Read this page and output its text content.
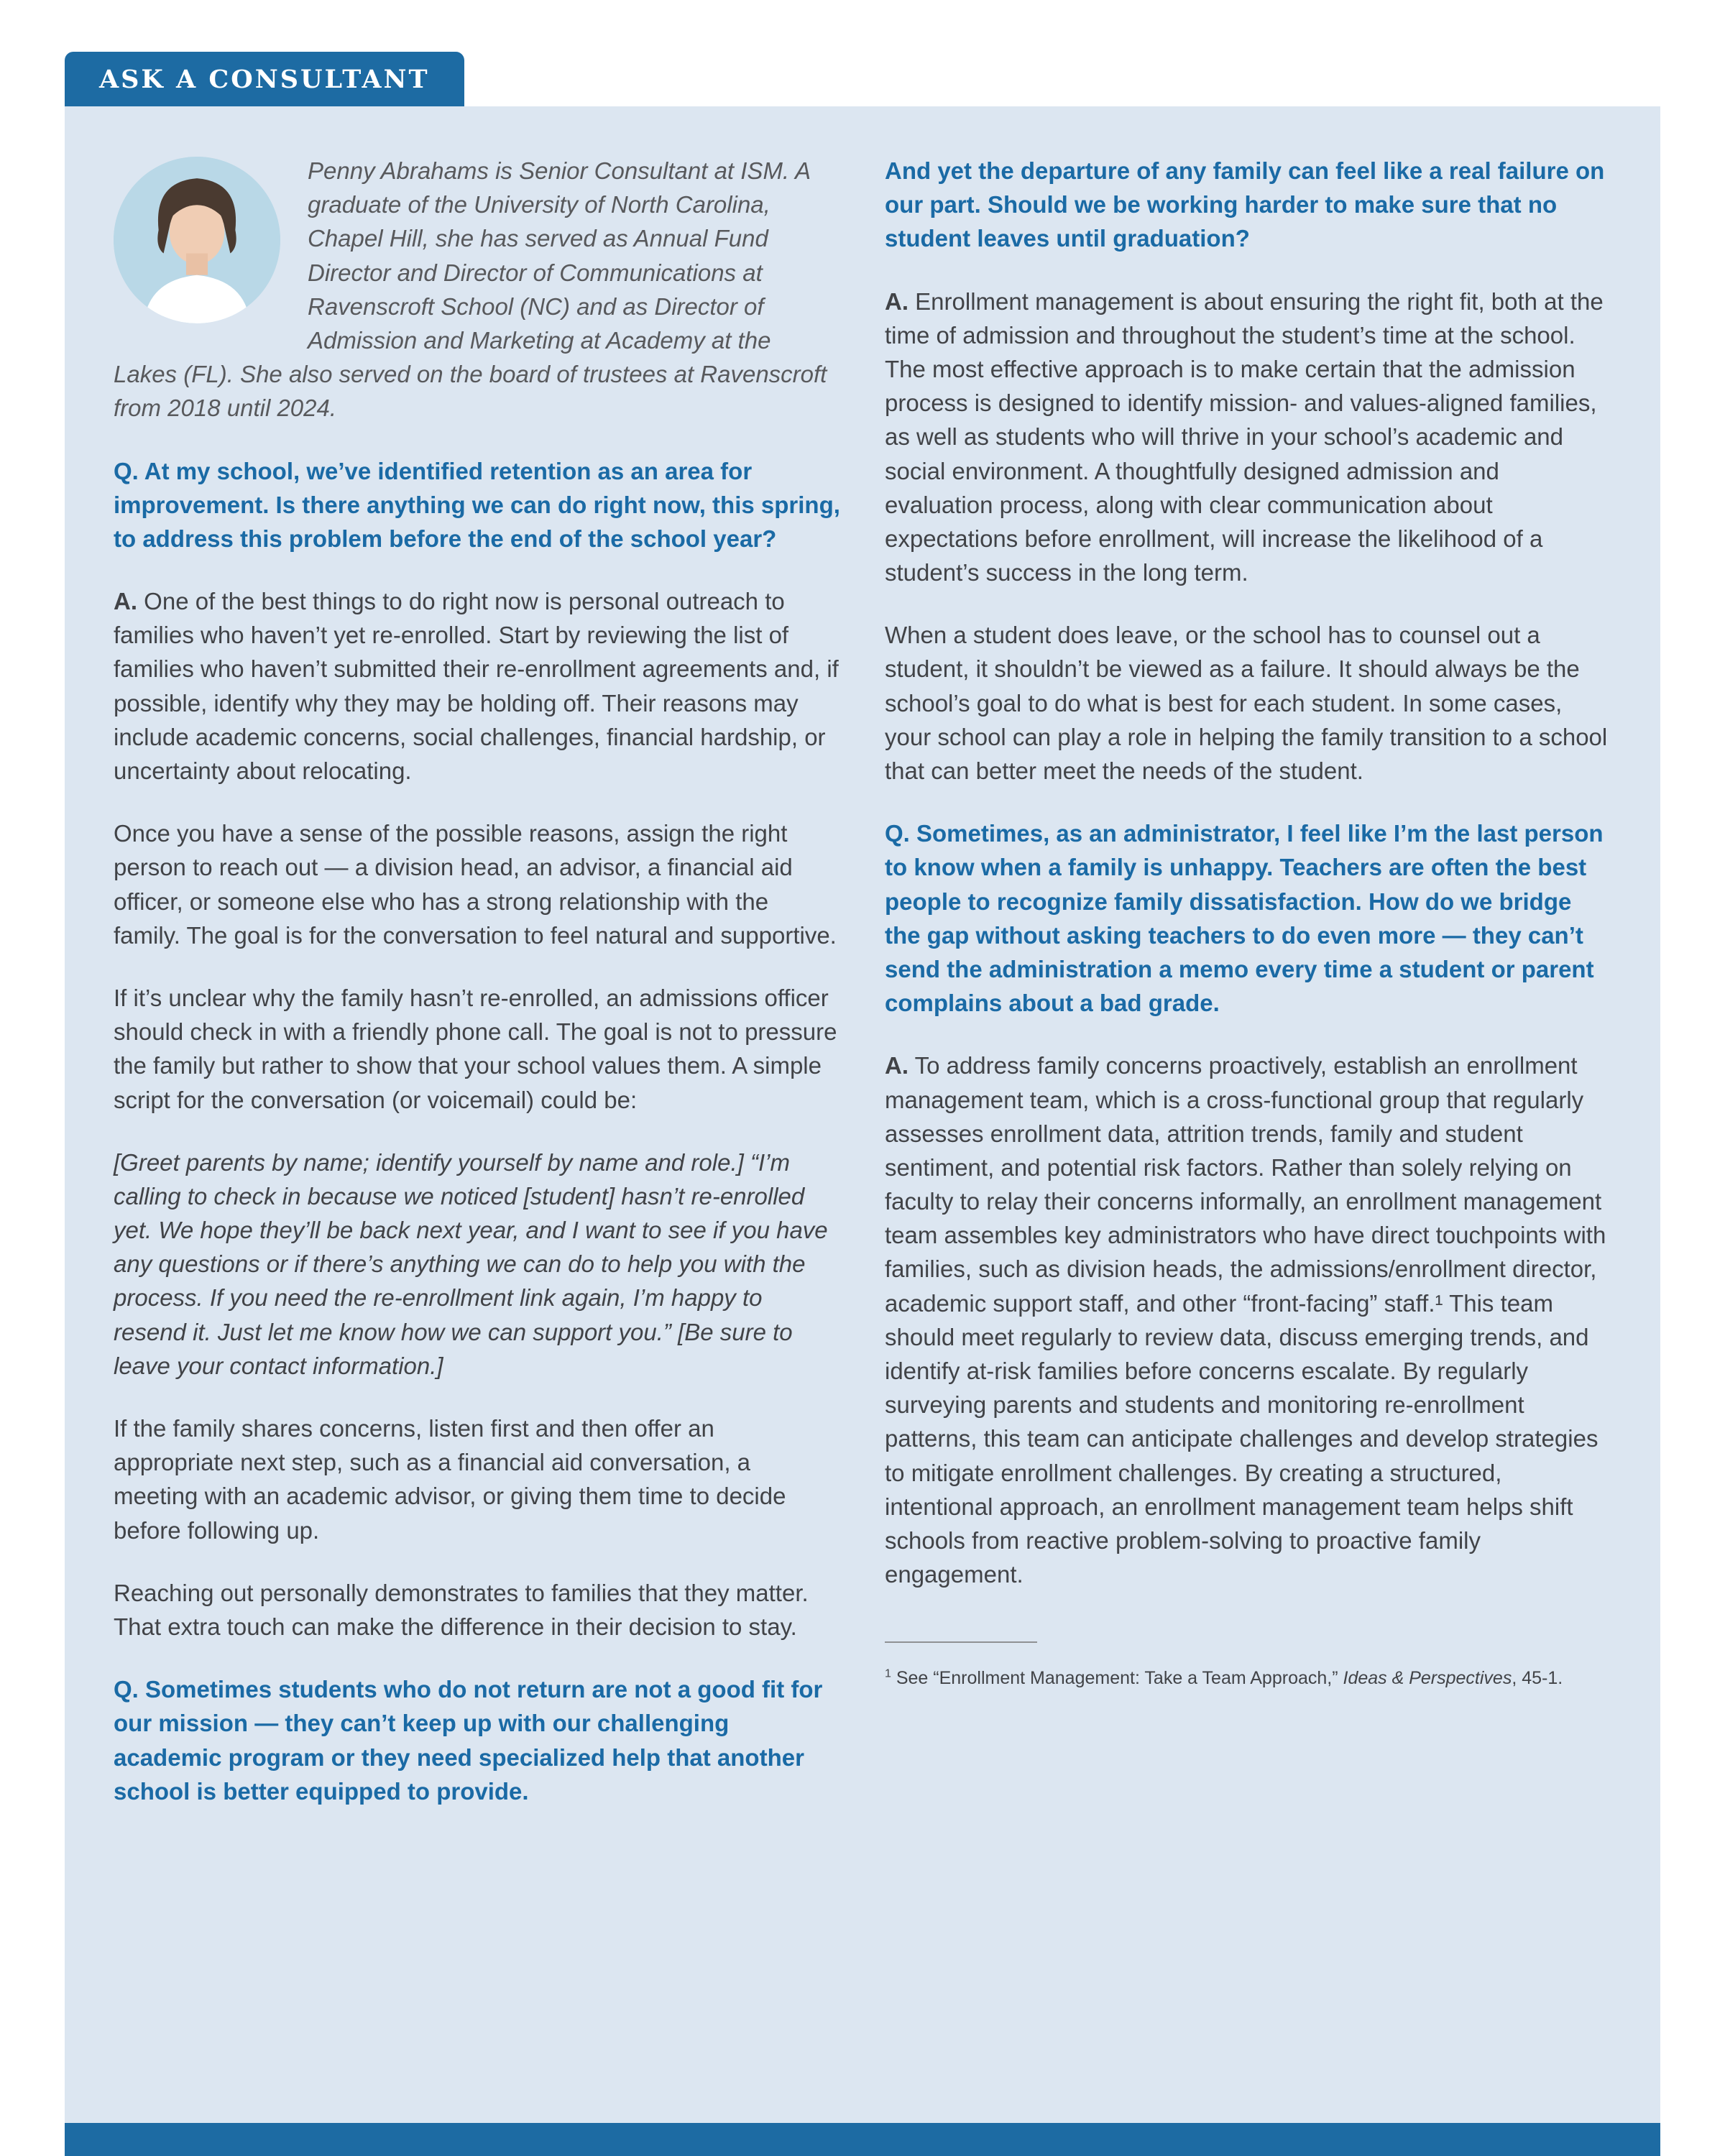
ASK A CONSULTANT

Penny Abrahams is Senior Consultant at ISM. A graduate of the University of North Carolina, Chapel Hill, she has served as Annual Fund Director and Director of Communications at Ravenscroft School (NC) and as Director of Admission and Marketing at Academy at the Lakes (FL). She also served on the board of trustees at Ravenscroft from 2018 until 2024.

Q. At my school, we’ve identified retention as an area for improvement. Is there anything we can do right now, this spring, to address this problem before the end of the school year?

A. One of the best things to do right now is personal outreach to families who haven’t yet re-enrolled. Start by reviewing the list of families who haven’t submitted their re-enrollment agreements and, if possible, identify why they may be holding off. Their reasons may include academic concerns, social challenges, financial hardship, or uncertainty about relocating.

Once you have a sense of the possible reasons, assign the right person to reach out — a division head, an advisor, a financial aid officer, or someone else who has a strong relationship with the family. The goal is for the conversation to feel natural and supportive.

If it’s unclear why the family hasn’t re-enrolled, an admissions officer should check in with a friendly phone call. The goal is not to pressure the family but rather to show that your school values them. A simple script for the conversation (or voicemail) could be:

[Greet parents by name; identify yourself by name and role.] “I’m calling to check in because we noticed [student] hasn’t re-enrolled yet. We hope they’ll be back next year, and I want to see if you have any questions or if there’s anything we can do to help you with the process. If you need the re-enrollment link again, I’m happy to resend it. Just let me know how we can support you.” [Be sure to leave your contact information.]

If the family shares concerns, listen first and then offer an appropriate next step, such as a financial aid conversation, a meeting with an academic advisor, or giving them time to decide before following up.

Reaching out personally demonstrates to families that they matter. That extra touch can make the difference in their decision to stay.

Q. Sometimes students who do not return are not a good fit for our mission — they can’t keep up with our challenging academic program or they need specialized help that another school is better equipped to provide.

And yet the departure of any family can feel like a real failure on our part. Should we be working harder to make sure that no student leaves until graduation?

A. Enrollment management is about ensuring the right fit, both at the time of admission and throughout the student’s time at the school. The most effective approach is to make certain that the admission process is designed to identify mission- and values-aligned families, as well as students who will thrive in your school’s academic and social environment. A thoughtfully designed admission and evaluation process, along with clear communication about expectations before enrollment, will increase the likelihood of a student’s success in the long term.

When a student does leave, or the school has to counsel out a student, it shouldn’t be viewed as a failure. It should always be the school’s goal to do what is best for each student. In some cases, your school can play a role in helping the family transition to a school that can better meet the needs of the student.

Q. Sometimes, as an administrator, I feel like I’m the last person to know when a family is unhappy. Teachers are often the best people to recognize family dissatisfaction. How do we bridge the gap without asking teachers to do even more — they can’t send the administration a memo every time a student or parent complains about a bad grade.

A. To address family concerns proactively, establish an enrollment management team, which is a cross-functional group that regularly assesses enrollment data, attrition trends, family and student sentiment, and potential risk factors. Rather than solely relying on faculty to relay their concerns informally, an enrollment management team assembles key administrators who have direct touchpoints with families, such as division heads, the admissions/enrollment director, academic support staff, and other “front-facing” staff.¹ This team should meet regularly to review data, discuss emerging trends, and identify at-risk families before concerns escalate. By regularly surveying parents and students and monitoring re-enrollment patterns, this team can anticipate challenges and develop strategies to mitigate enrollment challenges. By creating a structured, intentional approach, an enrollment management team helps shift schools from reactive problem-solving to proactive family engagement.

$^1$ See “Enrollment Management: Take a Team Approach,” Ideas & Perspectives, 45-1.
